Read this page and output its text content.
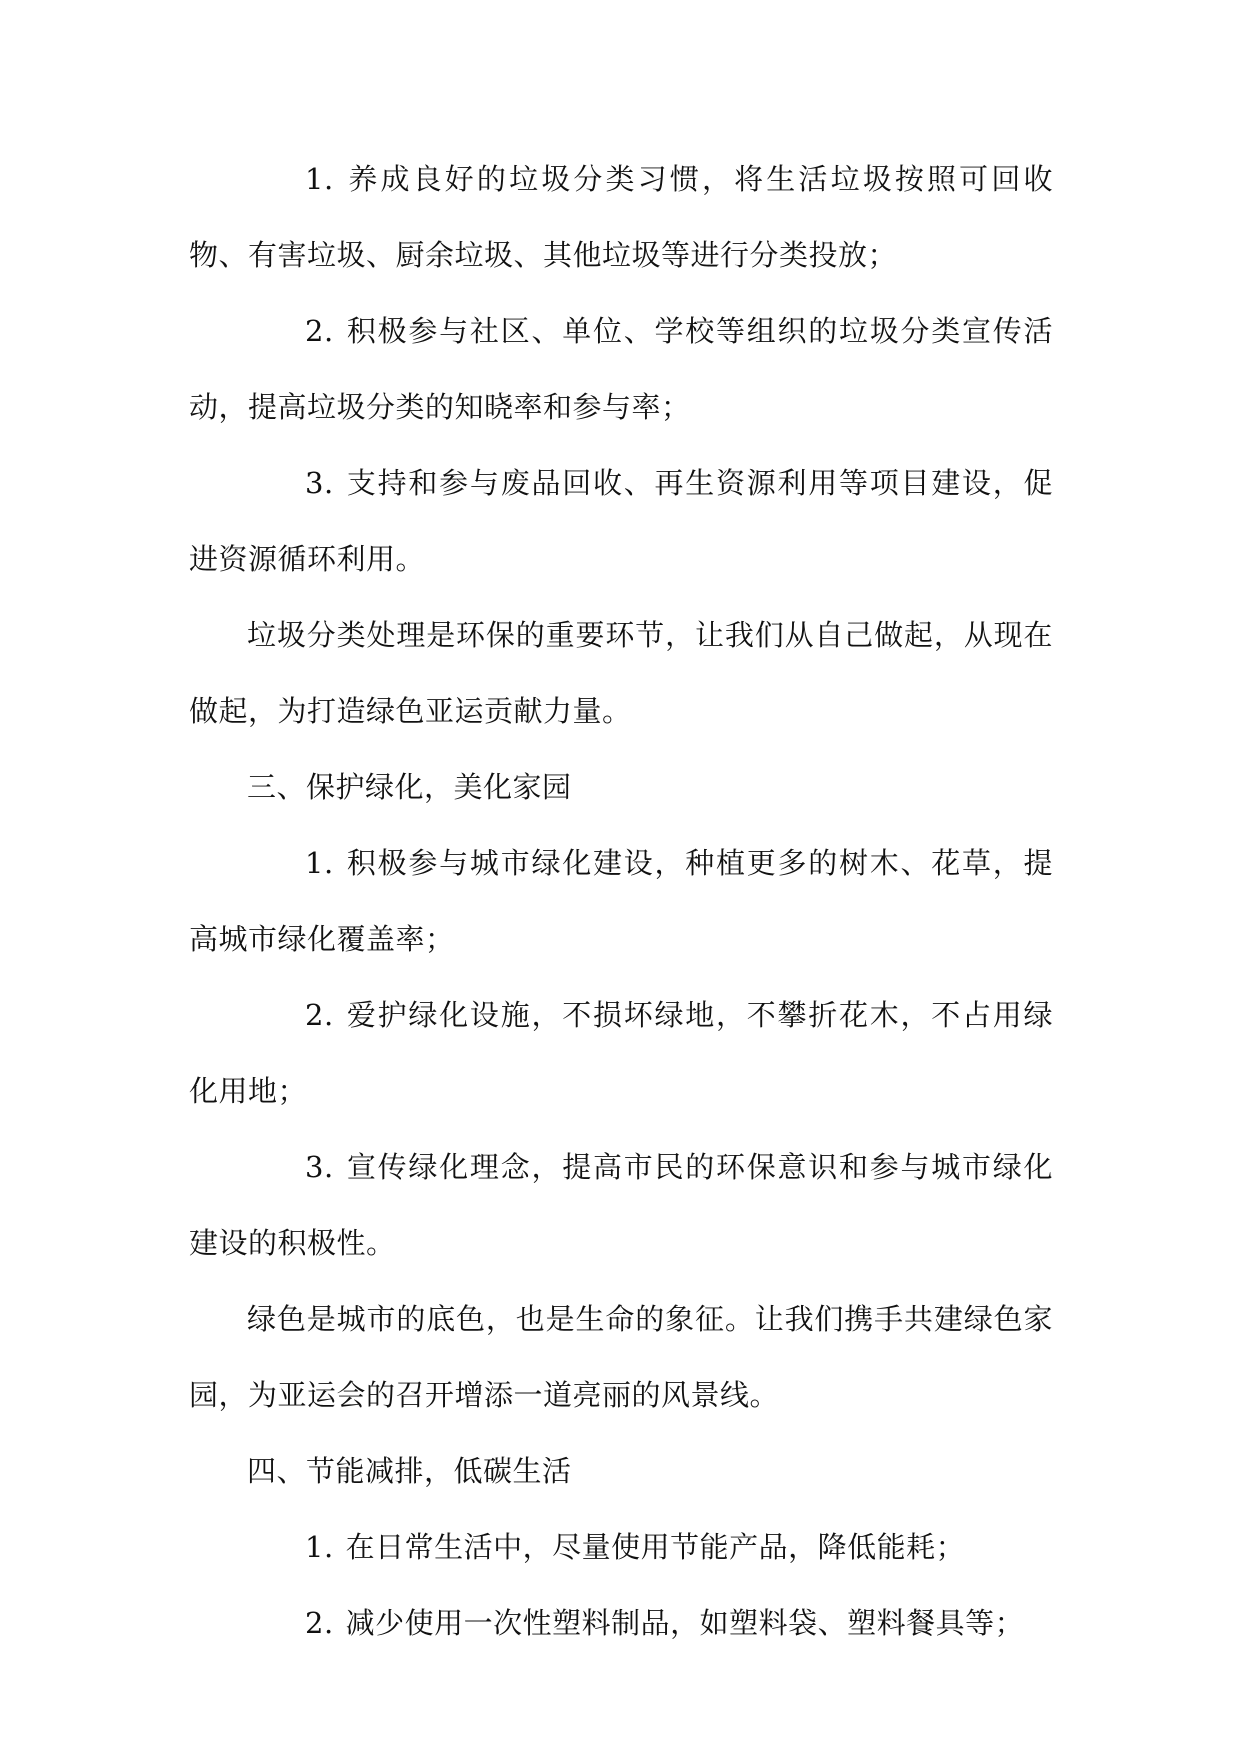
1. 养成良好的垃圾分类习惯，将生活垃圾按照可回收物、有害垃圾、厨余垃圾、其他垃圾等进行分类投放；

2. 积极参与社区、单位、学校等组织的垃圾分类宣传活动，提高垃圾分类的知晓率和参与率；

3. 支持和参与废品回收、再生资源利用等项目建设，促进资源循环利用。

垃圾分类处理是环保的重要环节，让我们从自己做起，从现在做起，为打造绿色亚运贡献力量。

三、保护绿化，美化家园

1. 积极参与城市绿化建设，种植更多的树木、花草，提高城市绿化覆盖率；

2. 爱护绿化设施，不损坏绿地，不攀折花木，不占用绿化用地；

3. 宣传绿化理念，提高市民的环保意识和参与城市绿化建设的积极性。

绿色是城市的底色，也是生命的象征。让我们携手共建绿色家园，为亚运会的召开增添一道亮丽的风景线。

四、节能减排，低碳生活

1. 在日常生活中，尽量使用节能产品，降低能耗；

2. 减少使用一次性塑料制品，如塑料袋、塑料餐具等；
